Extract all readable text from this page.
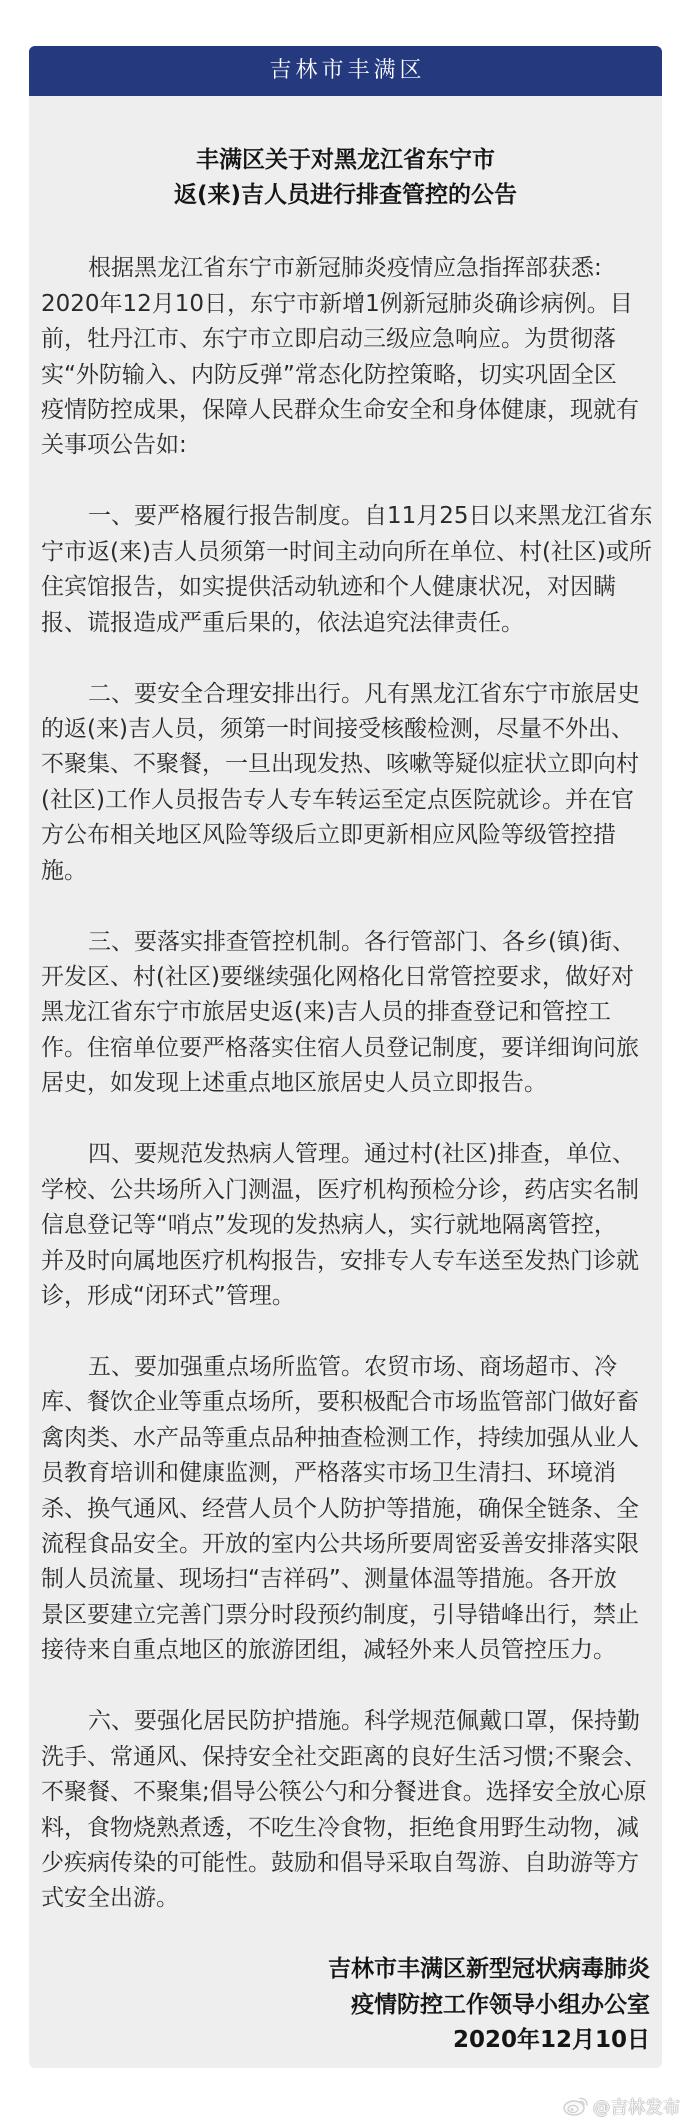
吉林市丰满区
丰满区关于对黑龙江省东宁市
返(来)吉人员进行排查管控的公告
根据黑龙江省东宁市新冠肺炎疫情应急指挥部获悉:
2020年12月10日，东宁市新增1例新冠肺炎确诊病例。目
前，牡丹江市、东宁市立即启动三级应急响应。为贯彻落
实“外防输入、内防反弹”常态化防控策略，切实巩固全区
疫情防控成果，保障人民群众生命安全和身体健康，现就有
关事项公告如:
一、要严格履行报告制度。自11月25日以来黑龙江省东
宁市返(来)吉人员须第一时间主动向所在单位、村(社区)或所
住宾馆报告，如实提供活动轨迹和个人健康状况，对因瞒
报、谎报造成严重后果的，依法追究法律责任。
二、要安全合理安排出行。凡有黑龙江省东宁市旅居史
的返(来)吉人员，须第一时间接受核酸检测，尽量不外出、
不聚集、不聚餐，一旦出现发热、咳嗽等疑似症状立即向村
(社区)工作人员报告专人专车转运至定点医院就诊。并在官
方公布相关地区风险等级后立即更新相应风险等级管控措
施。
三、要落实排查管控机制。各行管部门、各乡(镇)街、
开发区、村(社区)要继续强化网格化日常管控要求，做好对
黑龙江省东宁市旅居史返(来)吉人员的排查登记和管控工
作。住宿单位要严格落实住宿人员登记制度，要详细询问旅
居史，如发现上述重点地区旅居史人员立即报告。
四、要规范发热病人管理。通过村(社区)排查，单位、
学校、公共场所入门测温，医疗机构预检分诊，药店实名制
信息登记等“哨点”发现的发热病人，实行就地隔离管控，
并及时向属地医疗机构报告，安排专人专车送至发热门诊就
诊，形成“闭环式”管理。
五、要加强重点场所监管。农贸市场、商场超市、冷
库、餐饮企业等重点场所，要积极配合市场监管部门做好畜
禽肉类、水产品等重点品种抽查检测工作，持续加强从业人
员教育培训和健康监测，严格落实市场卫生清扫、环境消
杀、换气通风、经营人员个人防护等措施，确保全链条、全
流程食品安全。开放的室内公共场所要周密妥善安排落实限
制人员流量、现场扫“吉祥码”、测量体温等措施。各开放
景区要建立完善门票分时段预约制度，引导错峰出行，禁止
接待来自重点地区的旅游团组，减轻外来人员管控压力。
六、要强化居民防护措施。科学规范佩戴口罩，保持勤
洗手、常通风、保持安全社交距离的良好生活习惯;不聚会、
不聚餐、不聚集;倡导公筷公勺和分餐进食。选择安全放心原
料，食物烧熟煮透，不吃生冷食物，拒绝食用野生动物，减
少疾病传染的可能性。鼓励和倡导采取自驾游、自助游等方
式安全出游。
吉林市丰满区新型冠状病毒肺炎
疫情防控工作领导小组办公室
2020年12月10日
@吉林发布
